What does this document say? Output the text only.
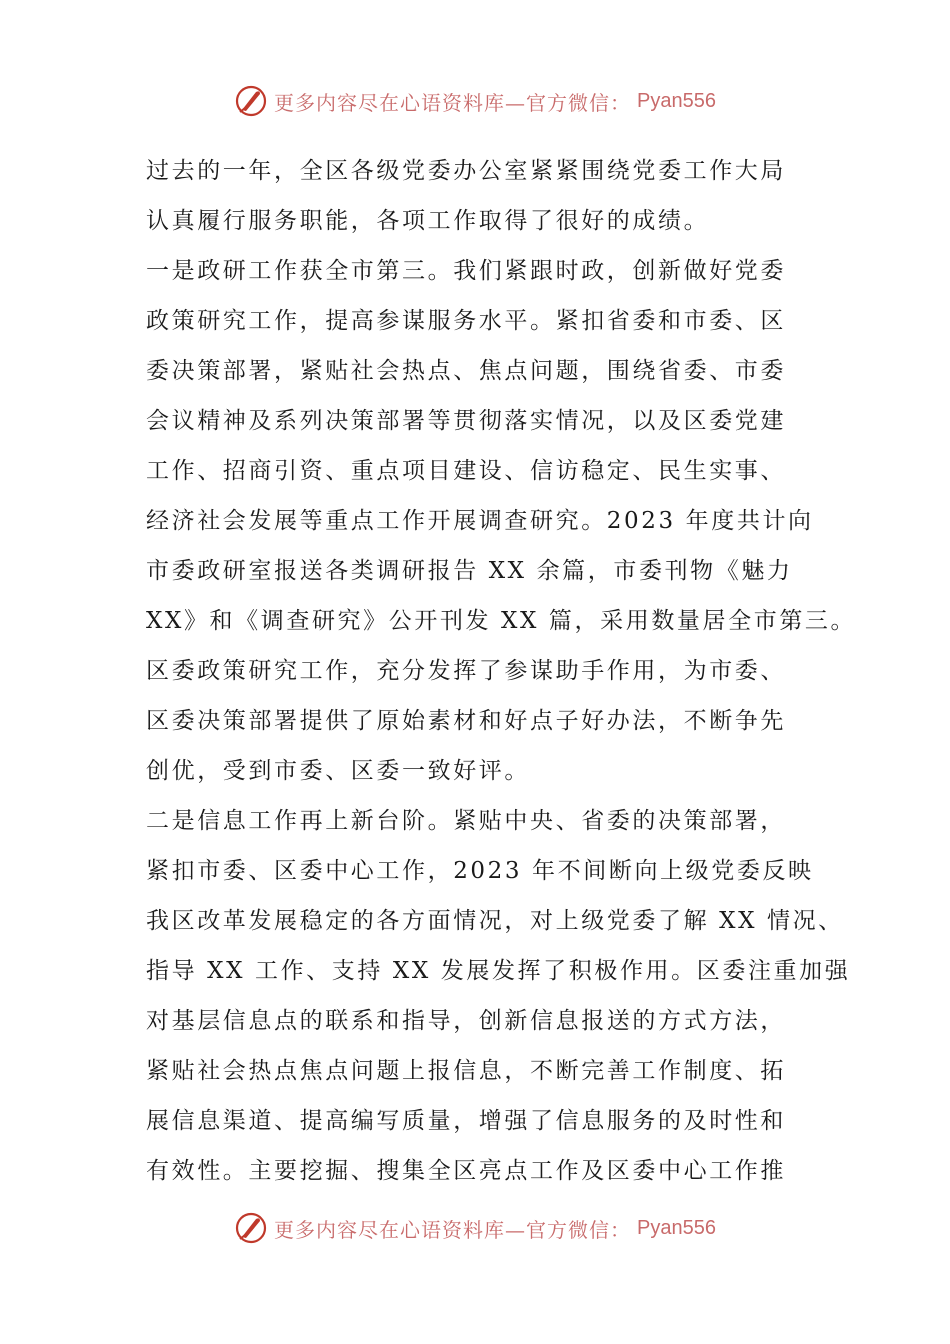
更多内容尽在心语资料库—官方微信： Pyan556
过去的一年，全区各级党委办公室紧紧围绕党委工作大局
认真履行服务职能，各项工作取得了很好的成绩。
一是政研工作获全市第三。我们紧跟时政，创新做好党委
政策研究工作，提高参谋服务水平。紧扣省委和市委、区
委决策部署，紧贴社会热点、焦点问题，围绕省委、市委
会议精神及系列决策部署等贯彻落实情况，以及区委党建
工作、招商引资、重点项目建设、信访稳定、民生实事、
经济社会发展等重点工作开展调查研究。2023 年度共计向
市委政研室报送各类调研报告 XX 余篇，市委刊物《魅力
XX》和《调查研究》公开刊发 XX 篇，采用数量居全市第三。
区委政策研究工作，充分发挥了参谋助手作用，为市委、
区委决策部署提供了原始素材和好点子好办法，不断争先
创优，受到市委、区委一致好评。
二是信息工作再上新台阶。紧贴中央、省委的决策部署，
紧扣市委、区委中心工作，2023 年不间断向上级党委反映
我区改革发展稳定的各方面情况，对上级党委了解 XX 情况、
指导 XX 工作、支持 XX 发展发挥了积极作用。区委注重加强
对基层信息点的联系和指导，创新信息报送的方式方法，
紧贴社会热点焦点问题上报信息，不断完善工作制度、拓
展信息渠道、提高编写质量，增强了信息服务的及时性和
有效性。主要挖掘、搜集全区亮点工作及区委中心工作推
更多内容尽在心语资料库—官方微信： Pyan556
